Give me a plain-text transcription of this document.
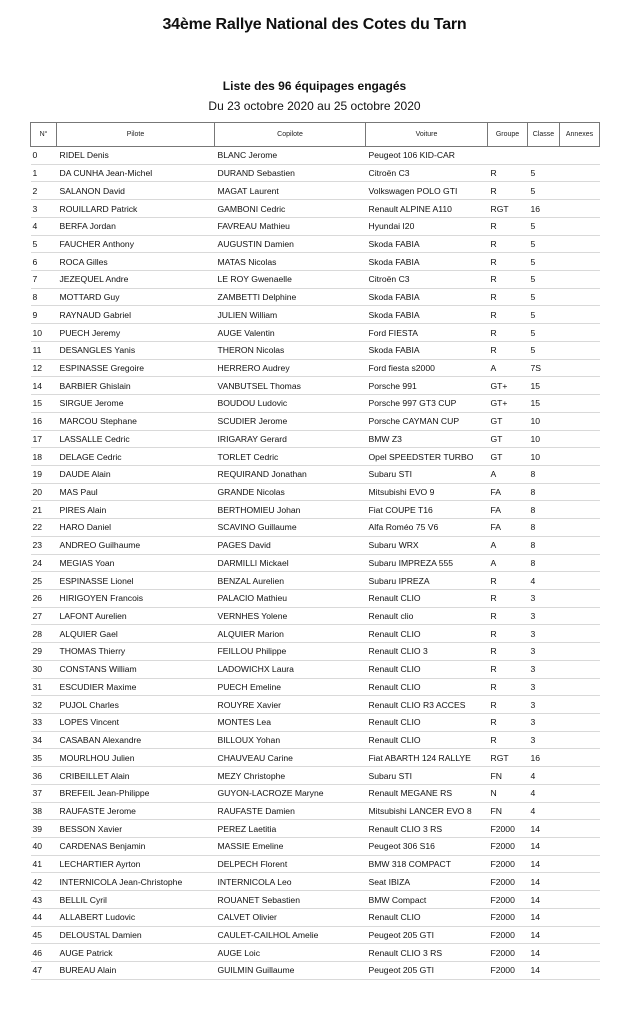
34ème Rallye National des Cotes du Tarn
Liste des 96 équipages engagés
Du 23 octobre 2020 au 25 octobre 2020
N°	Pilote	Copilote	Voiture	Groupe	Classe	Annexes
0	RIDEL Denis	BLANC Jerome	Peugeot 106 KID-CAR			
1	DA CUNHA Jean-Michel	DURAND Sebastien	Citroën C3	R	5	
2	SALANON David	MAGAT Laurent	Volkswagen POLO GTI	R	5	
3	ROUILLARD Patrick	GAMBONI Cedric	Renault ALPINE A110	RGT	16	
4	BERFA Jordan	FAVREAU Mathieu	Hyundai I20	R	5	
5	FAUCHER Anthony	AUGUSTIN Damien	Skoda FABIA	R	5	
6	ROCA Gilles	MATAS Nicolas	Skoda FABIA	R	5	
7	JEZEQUEL Andre	LE ROY Gwenaelle	Citroën C3	R	5	
8	MOTTARD Guy	ZAMBETTI Delphine	Skoda FABIA	R	5	
9	RAYNAUD Gabriel	JULIEN William	Skoda FABIA	R	5	
10	PUECH Jeremy	AUGE Valentin	Ford FIESTA	R	5	
11	DESANGLES Yanis	THERON Nicolas	Skoda FABIA	R	5	
12	ESPINASSE Gregoire	HERRERO Audrey	Ford fiesta s2000	A	7S	
14	BARBIER Ghislain	VANBUTSEL Thomas	Porsche 991	GT+	15	
15	SIRGUE Jerome	BOUDOU Ludovic	Porsche 997 GT3 CUP	GT+	15	
16	MARCOU Stephane	SCUDIER Jerome	Porsche CAYMAN CUP	GT	10	
17	LASSALLE Cedric	IRIGARAY Gerard	BMW Z3	GT	10	
18	DELAGE Cedric	TORLET Cedric	Opel SPEEDSTER TURBO	GT	10	
19	DAUDE Alain	REQUIRAND Jonathan	Subaru STI	A	8	
20	MAS Paul	GRANDE Nicolas	Mitsubishi EVO 9	FA	8	
21	PIRES Alain	BERTHOMIEU Johan	Fiat COUPE T16	FA	8	
22	HARO Daniel	SCAVINO Guillaume	Alfa Roméo 75 V6	FA	8	
23	ANDREO Guilhaume	PAGES David	Subaru WRX	A	8	
24	MEGIAS Yoan	DARMILLI Mickael	Subaru IMPREZA 555	A	8	
25	ESPINASSE Lionel	BENZAL Aurelien	Subaru IPREZA	R	4	
26	HIRIGOYEN Francois	PALACIO Mathieu	Renault CLIO	R	3	
27	LAFONT Aurelien	VERNHES Yolene	Renault clio	R	3	
28	ALQUIER Gael	ALQUIER Marion	Renault CLIO	R	3	
29	THOMAS Thierry	FEILLOU Philippe	Renault CLIO 3	R	3	
30	CONSTANS William	LADOWICHX Laura	Renault CLIO	R	3	
31	ESCUDIER Maxime	PUECH Emeline	Renault CLIO	R	3	
32	PUJOL Charles	ROUYRE Xavier	Renault CLIO R3 ACCES	R	3	
33	LOPES Vincent	MONTES Lea	Renault CLIO	R	3	
34	CASABAN Alexandre	BILLOUX Yohan	Renault CLIO	R	3	
35	MOURLHOU Julien	CHAUVEAU Carine	Fiat ABARTH 124 RALLYE	RGT	16	
36	CRIBEILLET Alain	MEZY Christophe	Subaru STI	FN	4	
37	BREFEIL Jean-Philippe	GUYON-LACROZE Maryne	Renault MEGANE RS	N	4	
38	RAUFASTE Jerome	RAUFASTE Damien	Mitsubishi LANCER EVO 8	FN	4	
39	BESSON Xavier	PEREZ Laetitia	Renault CLIO 3 RS	F2000	14	
40	CARDENAS Benjamin	MASSIE Emeline	Peugeot 306 S16	F2000	14	
41	LECHARTIER Ayrton	DELPECH Florent	BMW 318 COMPACT	F2000	14	
42	INTERNICOLA Jean-Christophe	INTERNICOLA Leo	Seat IBIZA	F2000	14	
43	BELLIL Cyril	ROUANET Sebastien	BMW Compact	F2000	14	
44	ALLABERT Ludovic	CALVET Olivier	Renault CLIO	F2000	14	
45	DELOUSTAL Damien	CAULET-CAILHOL Amelie	Peugeot 205 GTI	F2000	14	
46	AUGE Patrick	AUGE Loic	Renault CLIO 3 RS	F2000	14	
47	BUREAU Alain	GUILMIN Guillaume	Peugeot 205 GTI	F2000	14	
